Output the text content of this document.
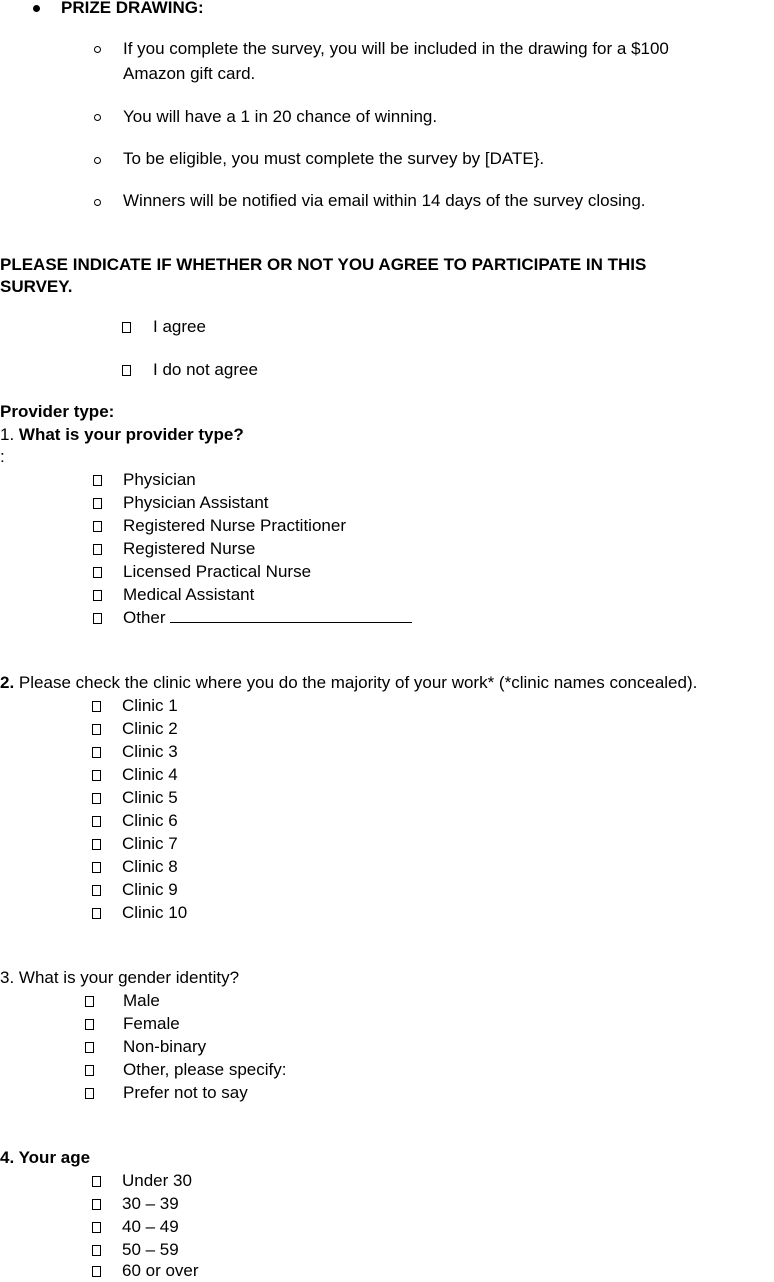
PRIZE DRAWING:
If you complete the survey, you will be included in the drawing for a $100
Amazon gift card.
You will have a 1 in 20 chance of winning.
To be eligible, you must complete the survey by [DATE}.
Winners will be notified via email within 14 days of the survey closing.
PLEASE INDICATE IF WHETHER OR NOT YOU AGREE TO PARTICIPATE IN THIS
SURVEY.
I agree
I do not agree
Provider type:
1. What is your provider type?
:
Physician
Physician Assistant
Registered Nurse Practitioner
Registered Nurse
Licensed Practical Nurse
Medical Assistant
Other
2. Please check the clinic where you do the majority of your work* (*clinic names concealed).
Clinic 1
Clinic 2
Clinic 3
Clinic 4
Clinic 5
Clinic 6
Clinic 7
Clinic 8
Clinic 9
Clinic 10
3. What is your gender identity?
Male
Female
Non-binary
Other, please specify:
Prefer not to say
4. Your age
Under 30
30 – 39
40 – 49
50 – 59
60 or over
